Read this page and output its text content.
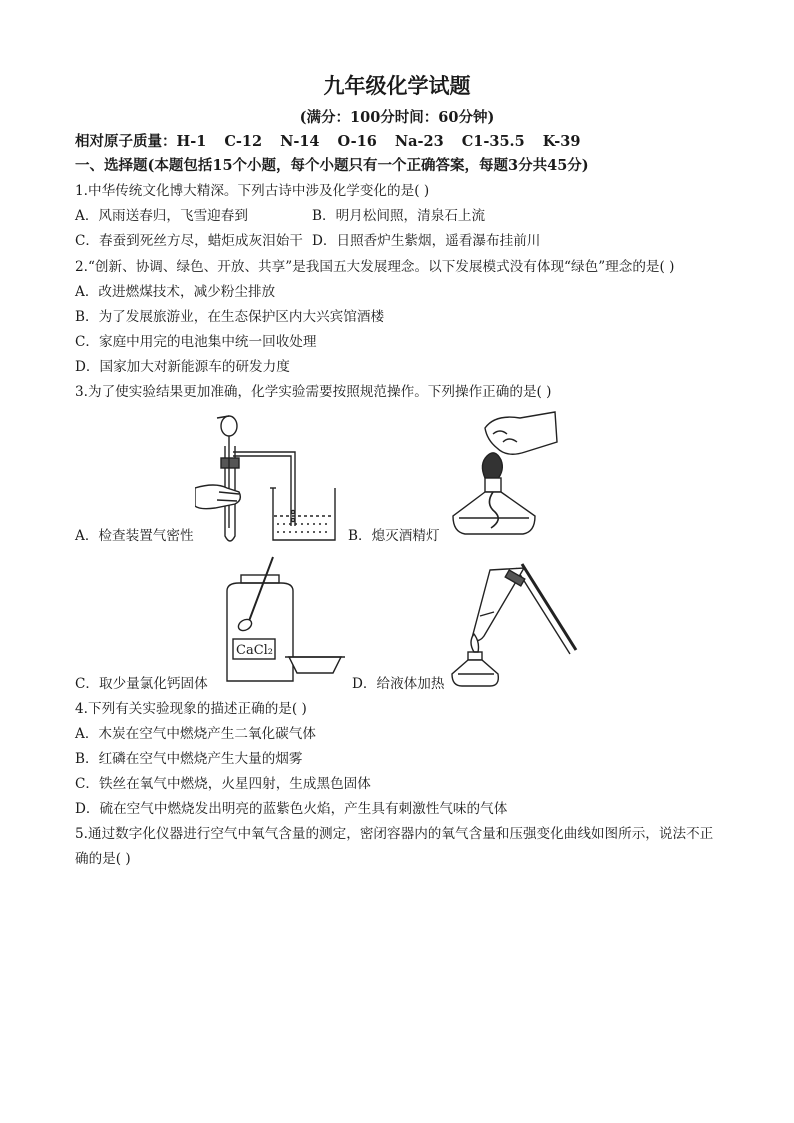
九年级化学试题
(满分：100分时间：60分钟)
相对原子质量：H-1 C-12 N-14 O-16 Na-23 C1-35.5 K-39
一、选择题(本题包括15个小题，每个小题只有一个正确答案，每题3分共45分)
1.中华传统文化博大精深。下列古诗中涉及化学变化的是( )
A．风雨送春归，飞雪迎春到	B．明月松间照，清泉石上流
C．春蚕到死丝方尽，蜡炬成灰泪始干 D．日照香炉生紫烟，遥看瀑布挂前川
2.“创新、协调、绿色、开放、共享”是我国五大发展理念。以下发展模式没有体现“绿色”理念的是( )
A．改进燃煤技术，减少粉尘排放
B．为了发展旅游业，在生态保护区内大兴宾馆酒楼
C．家庭中用完的电池集中统一回收处理
D．国家加大对新能源车的研发力度
3.为了使实验结果更加准确，化学实验需要按照规范操作。下列操作正确的是( )
A．检查装置气密性	B．熄灭酒精灯
CaCl₂
C．取少量氯化钙固体	D．给液体加热
4.下列有关实验现象的描述正确的是( )
A．木炭在空气中燃烧产生二氧化碳气体
B．红磷在空气中燃烧产生大量的烟雾
C．铁丝在氧气中燃烧，火星四射，生成黑色固体
D．硫在空气中燃烧发出明亮的蓝紫色火焰，产生具有刺激性气味的气体
5.通过数字化仪器进行空气中氧气含量的测定，密闭容器内的氧气含量和压强变化曲线如图所示，说法不正
确的是( )
